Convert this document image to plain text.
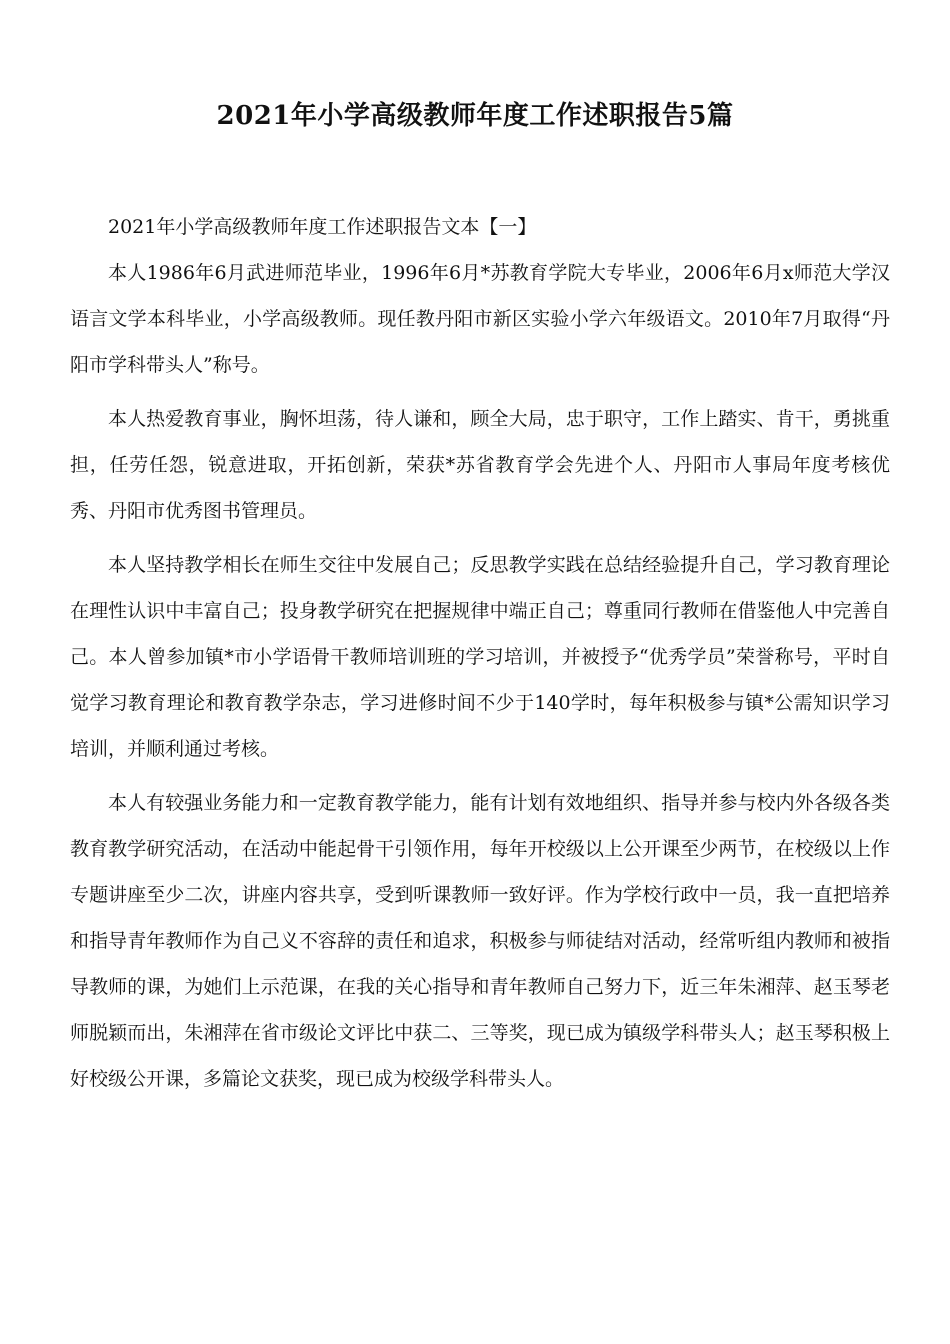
2021年小学高级教师年度工作述职报告5篇

2021年小学高级教师年度工作述职报告文本【一】

本人1986年6月武进师范毕业，1996年6月*苏教育学院大专毕业，2006年6月x师范大学汉语言文学本科毕业，小学高级教师。现任教丹阳市新区实验小学六年级语文。2010年7月取得“丹阳市学科带头人”称号。

本人热爱教育事业，胸怀坦荡，待人谦和，顾全大局，忠于职守，工作上踏实、肯干，勇挑重担，任劳任怨，锐意进取，开拓创新，荣获*苏省教育学会先进个人、丹阳市人事局年度考核优秀、丹阳市优秀图书管理员。

本人坚持教学相长在师生交往中发展自己；反思教学实践在总结经验提升自己，学习教育理论在理性认识中丰富自己；投身教学研究在把握规律中端正自己；尊重同行教师在借鉴他人中完善自己。本人曾参加镇*市小学语骨干教师培训班的学习培训，并被授予“优秀学员”荣誉称号，平时自觉学习教育理论和教育教学杂志，学习进修时间不少于140学时，每年积极参与镇*公需知识学习培训，并顺利通过考核。

本人有较强业务能力和一定教育教学能力，能有计划有效地组织、指导并参与校内外各级各类教育教学研究活动，在活动中能起骨干引领作用，每年开校级以上公开课至少两节，在校级以上作专题讲座至少二次，讲座内容共享，受到听课教师一致好评。作为学校行政中一员，我一直把培养和指导青年教师作为自己义不容辞的责任和追求，积极参与师徒结对活动，经常听组内教师和被指导教师的课，为她们上示范课，在我的关心指导和青年教师自己努力下，近三年朱湘萍、赵玉琴老师脱颖而出，朱湘萍在省市级论文评比中获二、三等奖，现已成为镇级学科带头人；赵玉琴积极上好校级公开课，多篇论文获奖，现已成为校级学科带头人。
